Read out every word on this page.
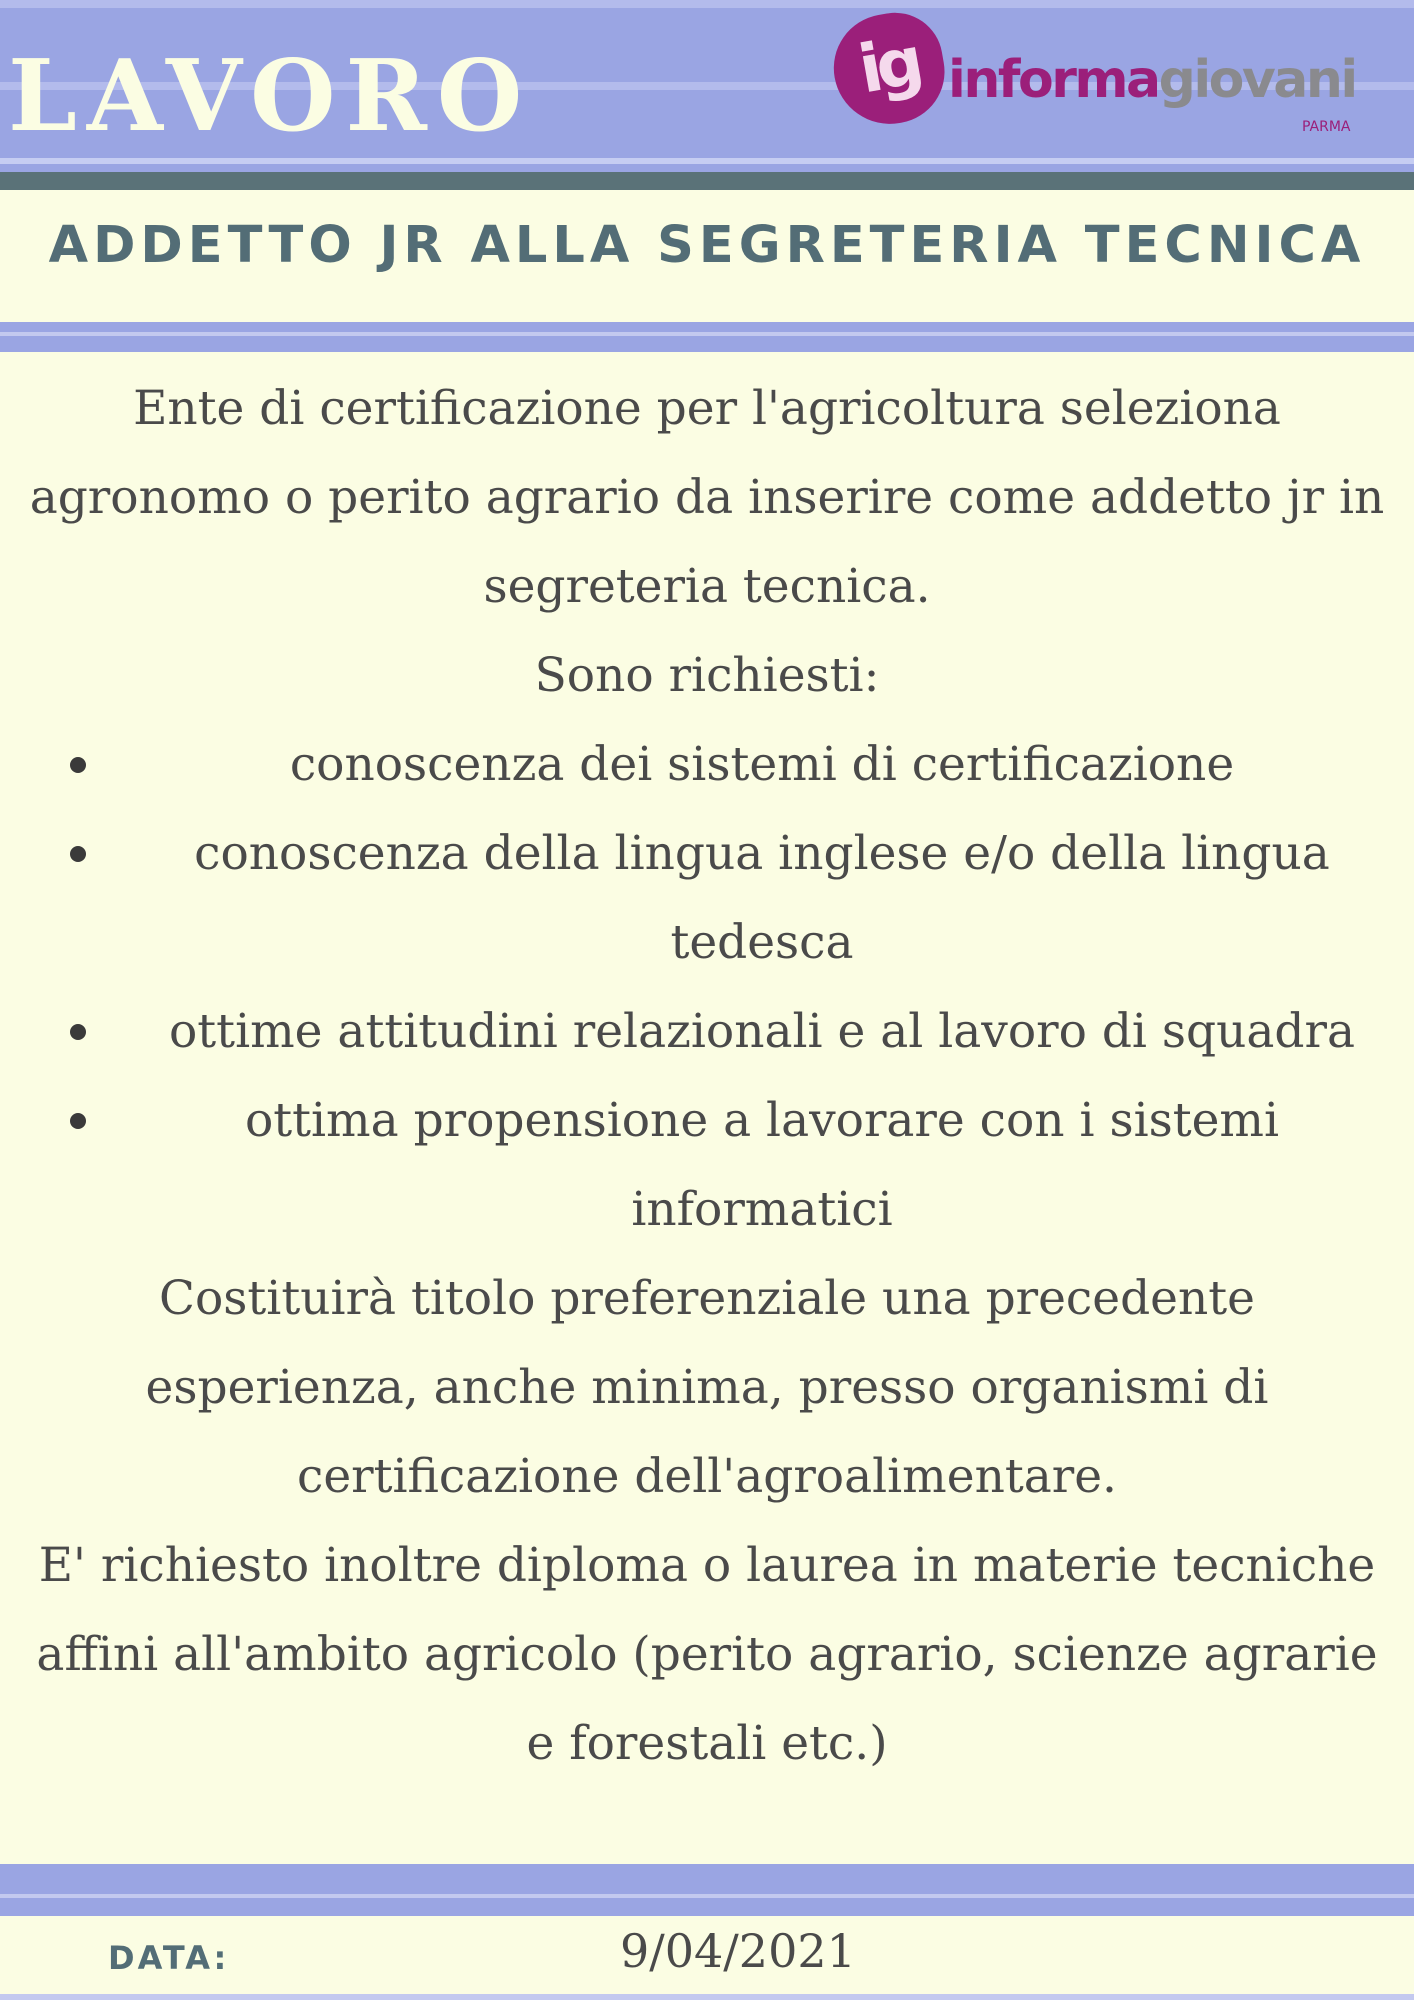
LAVORO	ig informagiovani
PARMA
ADDETTO JR ALLA SEGRETERIA TECNICA

Ente di certificazione per l'agricoltura seleziona agronomo o perito agrario da inserire come addetto jr in segreteria tecnica.

Sono richiesti:

conoscenza dei sistemi di certificazione
conoscenza della lingua inglese e/o della lingua tedesca
ottime attitudini relazionali e al lavoro di squadra
ottima propensione a lavorare con i sistemi informatici

Costituirà titolo preferenziale una precedente esperienza, anche minima, presso organismi di certificazione dell'agroalimentare.

E' richiesto inoltre diploma o laurea in materie tecniche affini all'ambito agricolo (perito agrario, scienze agrarie e forestali etc.)

DATA:	9/04/2021
